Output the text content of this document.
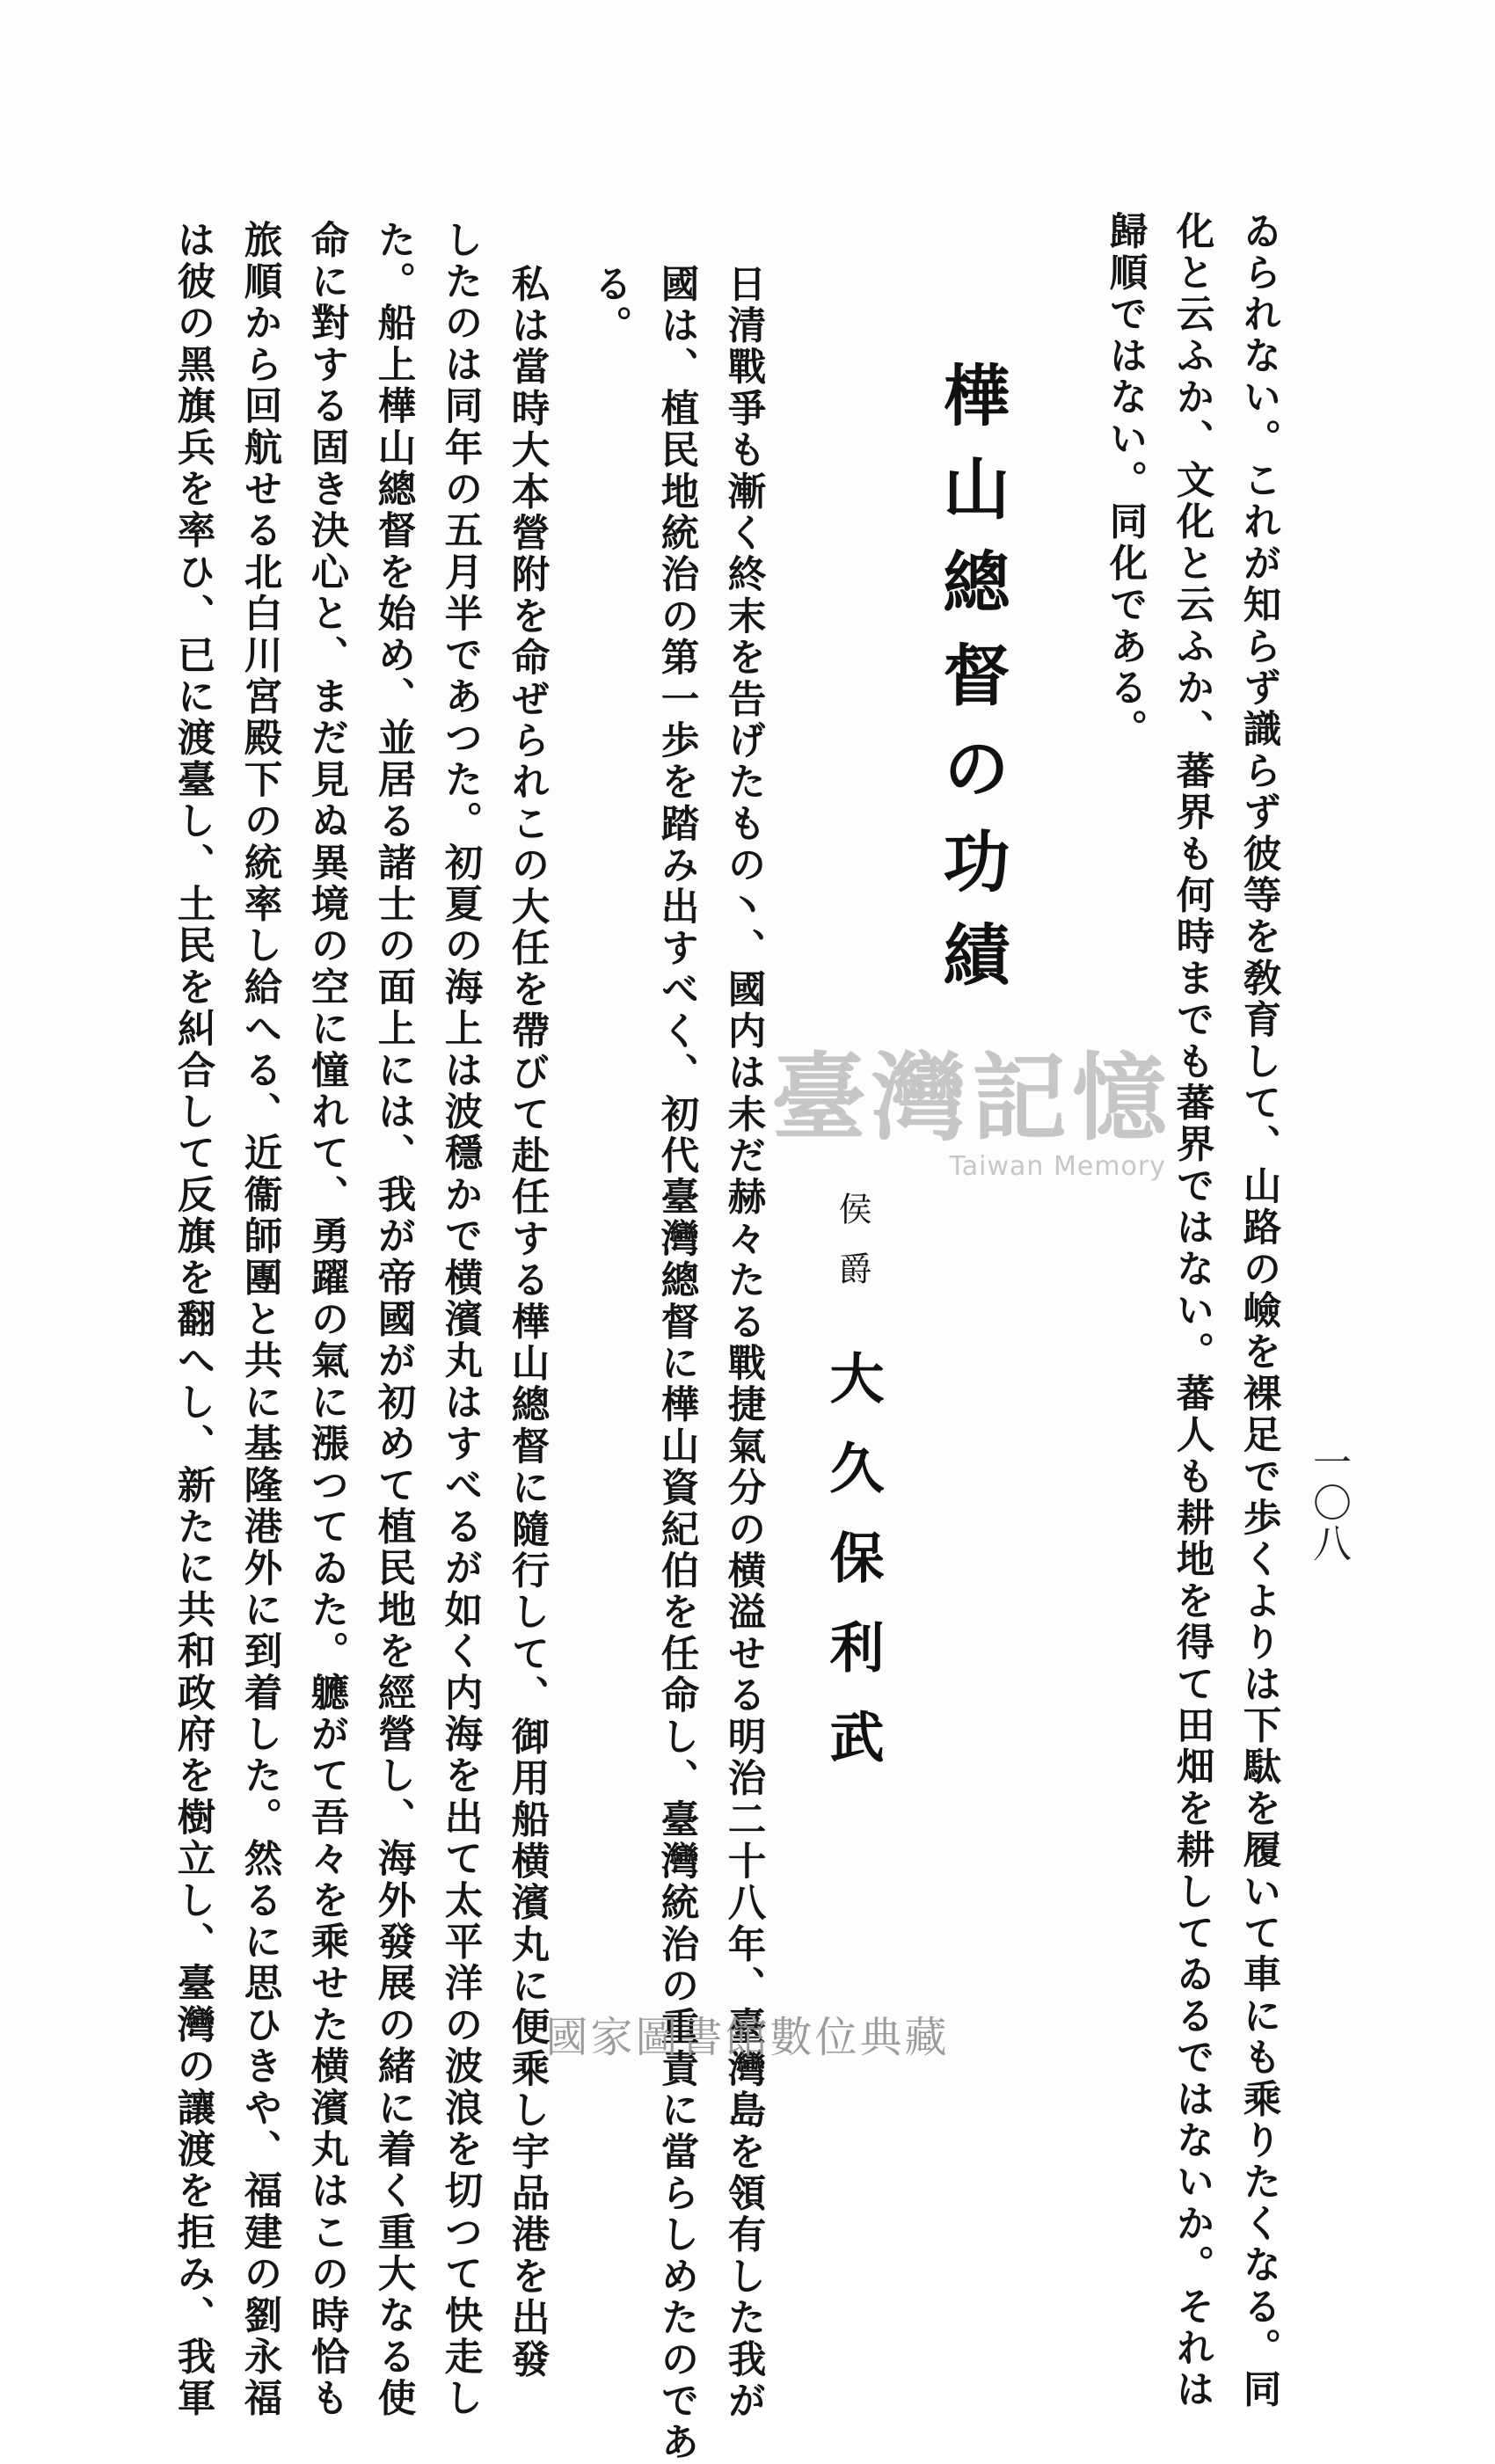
一〇八
ゐられない。これが知らず識らず彼等を敎育して、山路の嶮を裸足で歩くよりは下駄を履いて車にも乘りたくなる。同
化と云ふか、文化と云ふか、蕃界も何時までも蕃界ではない。蕃人も耕地を得て田畑を耕してゐるではないか。それは
歸順ではない。同化である。
樺山總督の功績
侯爵
大久保利武
臺灣記憶
Taiwan Memory
日清戰爭も漸く終末を告げたもの丶、國内は未だ赫々たる戰捷氣分の横溢せる明治二十八年、臺灣島を領有した我が
國は、植民地統治の第一歩を踏み出すべく、初代臺灣總督に樺山資紀伯を任命し、臺灣統治の重責に當らしめたのであ
る。
私は當時大本營附を命ぜられこの大任を帶びて赴任する樺山總督に隨行して、御用船横濱丸に便乘し宇品港を出發
したのは同年の五月半であつた。初夏の海上は波穩かで横濱丸はすべるが如く内海を出て太平洋の波浪を切つて快走し
た。船上樺山總督を始め、並居る諸士の面上には、我が帝國が初めて植民地を經營し、海外發展の緒に着く重大なる使
命に對する固き決心と、まだ見ぬ異境の空に憧れて、勇躍の氣に漲つてゐた。軈がて吾々を乘せた横濱丸はこの時恰も
旅順から回航せる北白川宮殿下の統率し給へる、近衞師團と共に基隆港外に到着した。然るに思ひきや、福建の劉永福
は彼の黑旗兵を率ひ、已に渡臺し、土民を糾合して反旗を翻へし、新たに共和政府を樹立し、臺灣の讓渡を拒み、我軍	國家圖書館數位典藏
